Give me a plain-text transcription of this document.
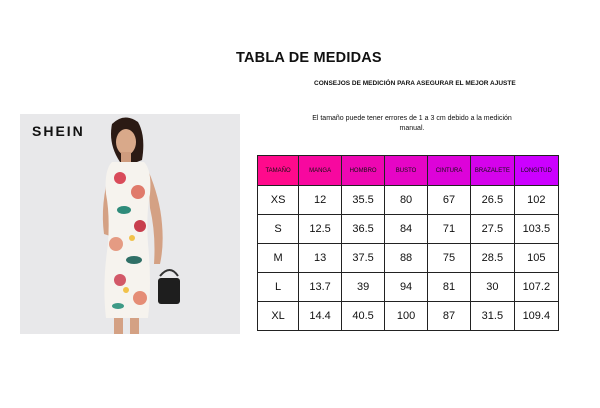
TABLA DE MEDIDAS
CONSEJOS DE MEDICIÓN PARA ASEGURAR EL MEJOR AJUSTE
El tamaño puede tener errores de 1 a 3 cm debido a la medición manual.
SHEIN
TAMAÑO	MANGA	HOMBRO	BUSTO	CINTURA	BRAZALETE	LONGITUD
XS	12	35.5	80	67	26.5	102
S	12.5	36.5	84	71	27.5	103.5
M	13	37.5	88	75	28.5	105
L	13.7	39	94	81	30	107.2
XL	14.4	40.5	100	87	31.5	109.4
